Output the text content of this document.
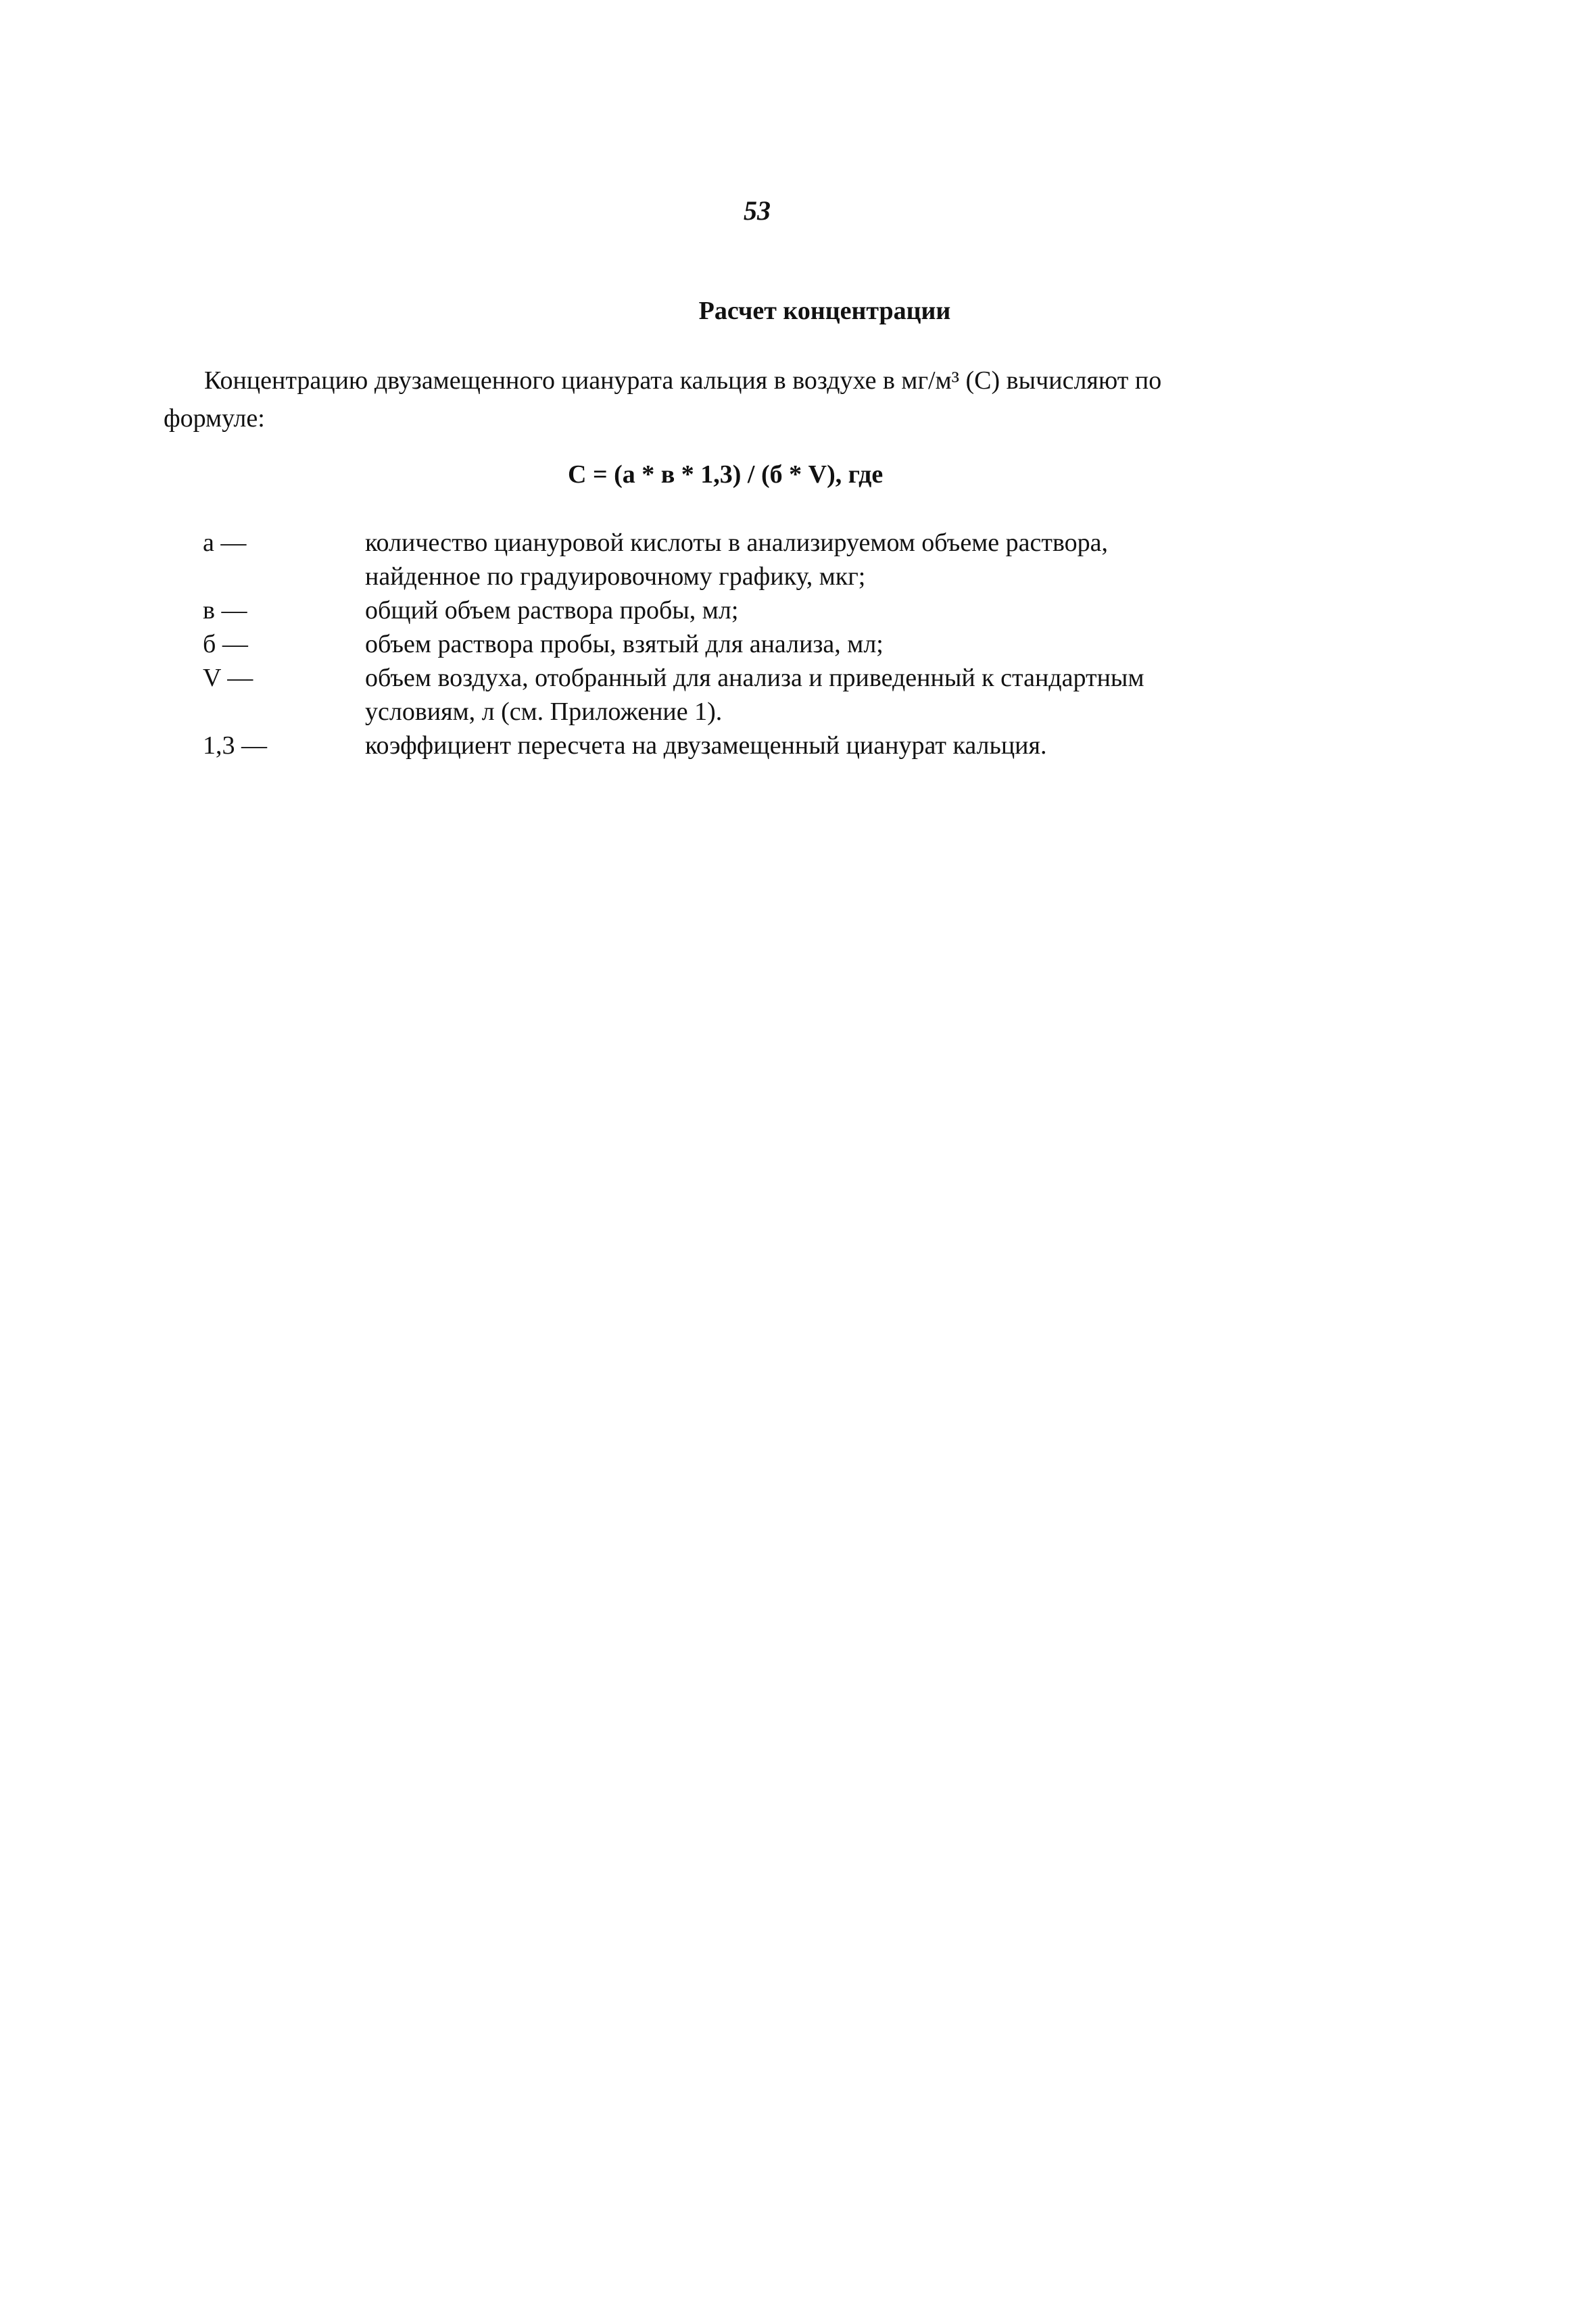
53
Расчет концентрации
Концентрацию двузамещенного цианурата кальция в воздухе в мг/м³ (С) вычисляют по
формуле:
С = (а * в * 1,3) / (б * V), где
а —	количество циануровой кислоты в анализируемом объеме раствора, найденное по градуировочному графику, мкг;
в —	общий объем раствора пробы, мл;
б —	объем раствора пробы, взятый для анализа, мл;
V —	объем воздуха, отобранный для анализа и приведенный к стандартным условиям, л (см. Приложение 1).
1,3 —	коэффициент пересчета на двузамещенный цианурат кальция.
